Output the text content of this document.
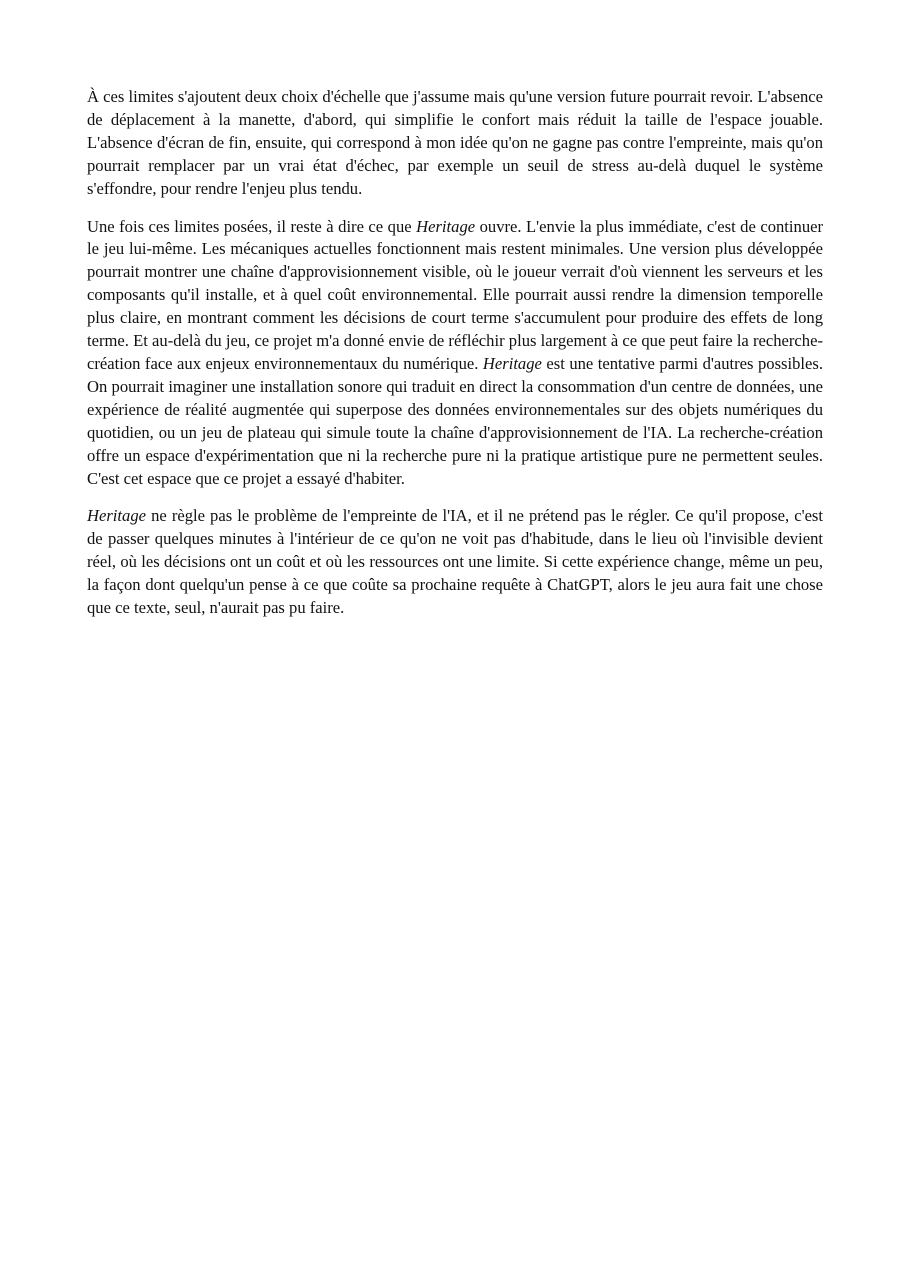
À ces limites s'ajoutent deux choix d'échelle que j'assume mais qu'une version future pourrait revoir. L'absence de déplacement à la manette, d'abord, qui simplifie le confort mais réduit la taille de l'espace jouable. L'absence d'écran de fin, ensuite, qui correspond à mon idée qu'on ne gagne pas contre l'empreinte, mais qu'on pourrait remplacer par un vrai état d'échec, par exemple un seuil de stress au-delà duquel le système s'effondre, pour rendre l'enjeu plus tendu.

Une fois ces limites posées, il reste à dire ce que Heritage ouvre. L'envie la plus immédiate, c'est de continuer le jeu lui-même. Les mécaniques actuelles fonctionnent mais restent minimales. Une version plus développée pourrait montrer une chaîne d'approvisionnement visible, où le joueur verrait d'où viennent les serveurs et les composants qu'il installe, et à quel coût environnemental. Elle pourrait aussi rendre la dimension temporelle plus claire, en montrant comment les décisions de court terme s'accumulent pour produire des effets de long terme. Et au-delà du jeu, ce projet m'a donné envie de réfléchir plus largement à ce que peut faire la recherche-création face aux enjeux environnementaux du numérique. Heritage est une tentative parmi d'autres possibles. On pourrait imaginer une installation sonore qui traduit en direct la consommation d'un centre de données, une expérience de réalité augmentée qui superpose des données environnementales sur des objets numériques du quotidien, ou un jeu de plateau qui simule toute la chaîne d'approvisionnement de l'IA. La recherche-création offre un espace d'expérimentation que ni la recherche pure ni la pratique artistique pure ne permettent seules. C'est cet espace que ce projet a essayé d'habiter.

Heritage ne règle pas le problème de l'empreinte de l'IA, et il ne prétend pas le régler. Ce qu'il propose, c'est de passer quelques minutes à l'intérieur de ce qu'on ne voit pas d'habitude, dans le lieu où l'invisible devient réel, où les décisions ont un coût et où les ressources ont une limite. Si cette expérience change, même un peu, la façon dont quelqu'un pense à ce que coûte sa prochaine requête à ChatGPT, alors le jeu aura fait une chose que ce texte, seul, n'aurait pas pu faire.
